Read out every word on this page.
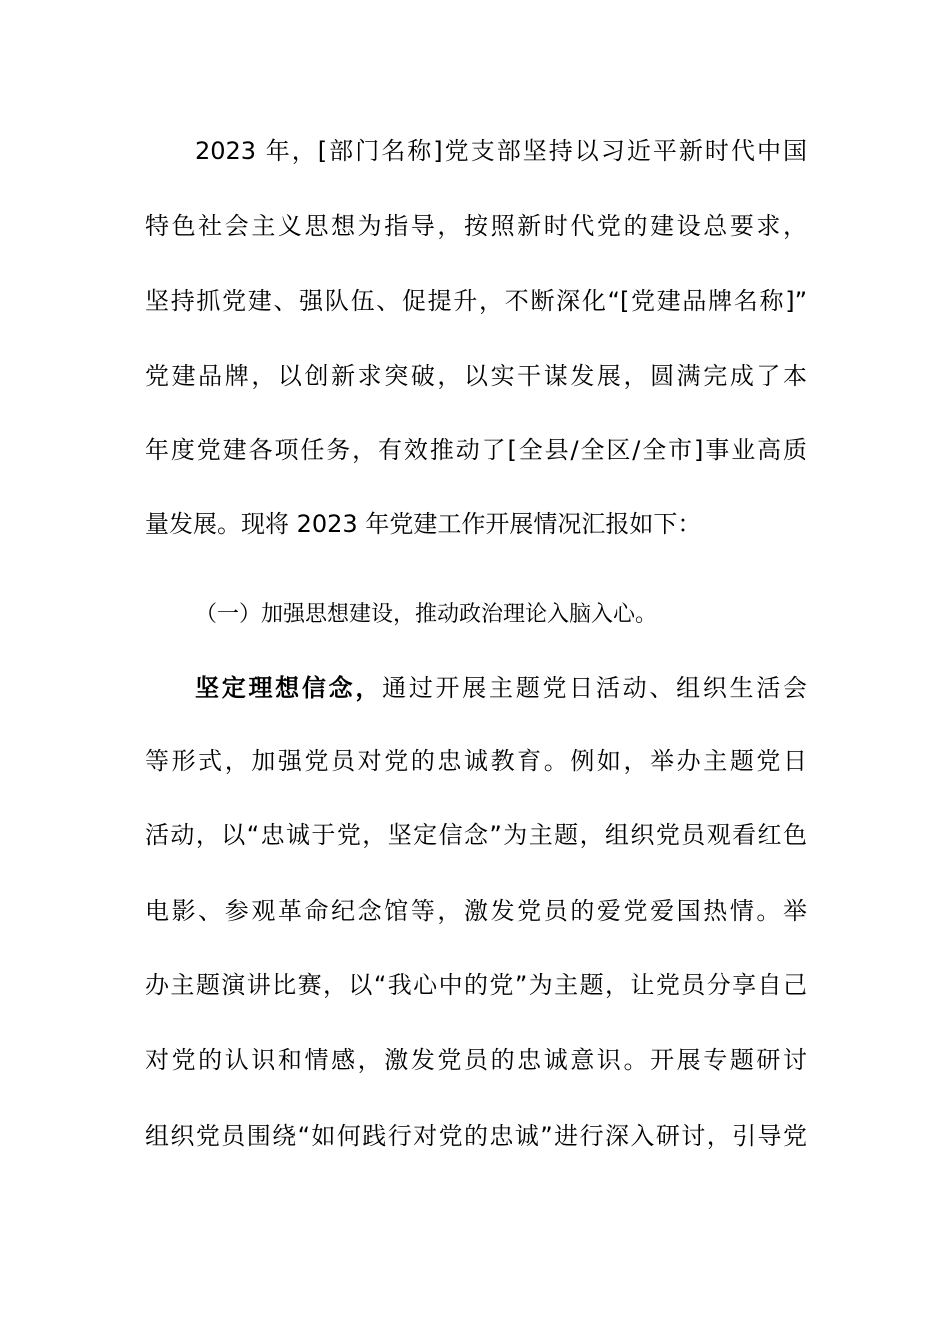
2023 年，[部门名称]党支部坚持以习近平新时代中国
特色社会主义思想为指导，按照新时代党的建设总要求，
坚持抓党建、强队伍、促提升，不断深化“[党建品牌名称]”
党建品牌，以创新求突破，以实干谋发展，圆满完成了本
年度党建各项任务，有效推动了[全县/全区/全市]事业高质
量发展。现将 2023 年党建工作开展情况汇报如下：
（一）加强思想建设，推动政治理论入脑入心。
坚定理想信念，通过开展主题党日活动、组织生活会
等形式，加强党员对党的忠诚教育。例如，举办主题党日
活动，以“忠诚于党，坚定信念”为主题，组织党员观看红色
电影、参观革命纪念馆等，激发党员的爱党爱国热情。举
办主题演讲比赛，以“我心中的党”为主题，让党员分享自己
对党的认识和情感，激发党员的忠诚意识。开展专题研讨
组织党员围绕“如何践行对党的忠诚”进行深入研讨，引导党
